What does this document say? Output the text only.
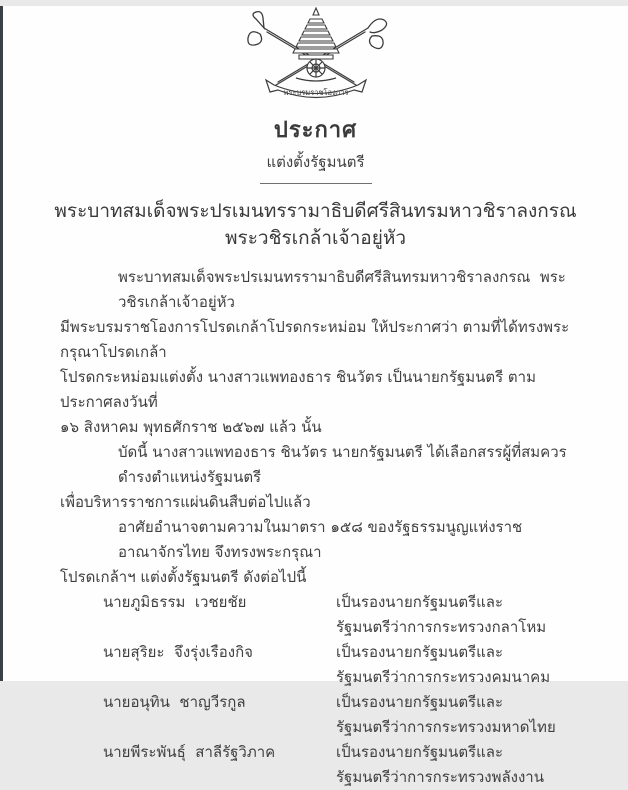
พระบรมราชโองการ
ประกาศ
แต่งตั้งรัฐมนตรี
พระบาทสมเด็จพระปรเมนทรรามาธิบดีศรีสินทรมหาวชิราลงกรณ
พระวชิรเกล้าเจ้าอยู่หัว
พระบาทสมเด็จพระปรเมนทรรามาธิบดีศรีสินทรมหาวชิราลงกรณ  พระวชิรเกล้าเจ้าอยู่หัว
มีพระบรมราชโองการโปรดเกล้าโปรดกระหม่อม ให้ประกาศว่า ตามที่ได้ทรงพระกรุณาโปรดเกล้า
โปรดกระหม่อมแต่งตั้ง นางสาวแพทองธาร ชินวัตร เป็นนายกรัฐมนตรี ตามประกาศลงวันที่
๑๖ สิงหาคม พุทธศักราช ๒๕๖๗ แล้ว นั้น
บัดนี้ นางสาวแพทองธาร ชินวัตร นายกรัฐมนตรี ได้เลือกสรรผู้ที่สมควรดำรงตำแหน่งรัฐมนตรี
เพื่อบริหารราชการแผ่นดินสืบต่อไปแล้ว
อาศัยอำนาจตามความในมาตรา ๑๕๘ ของรัฐธรรมนูญแห่งราชอาณาจักรไทย จึงทรงพระกรุณา
โปรดเกล้าฯ แต่งตั้งรัฐมนตรี ดังต่อไปนี้
นายภูมิธรรม  เวชยชัย	เป็นรองนายกรัฐมนตรีและ
รัฐมนตรีว่าการกระทรวงกลาโหม
นายสุริยะ  จึงรุ่งเรืองกิจ	เป็นรองนายกรัฐมนตรีและ
รัฐมนตรีว่าการกระทรวงคมนาคม
นายอนุทิน  ชาญวีรกูล	เป็นรองนายกรัฐมนตรีและ
รัฐมนตรีว่าการกระทรวงมหาดไทย
นายพีระพันธุ์  สาลีรัฐวิภาค	เป็นรองนายกรัฐมนตรีและ
รัฐมนตรีว่าการกระทรวงพลังงาน
